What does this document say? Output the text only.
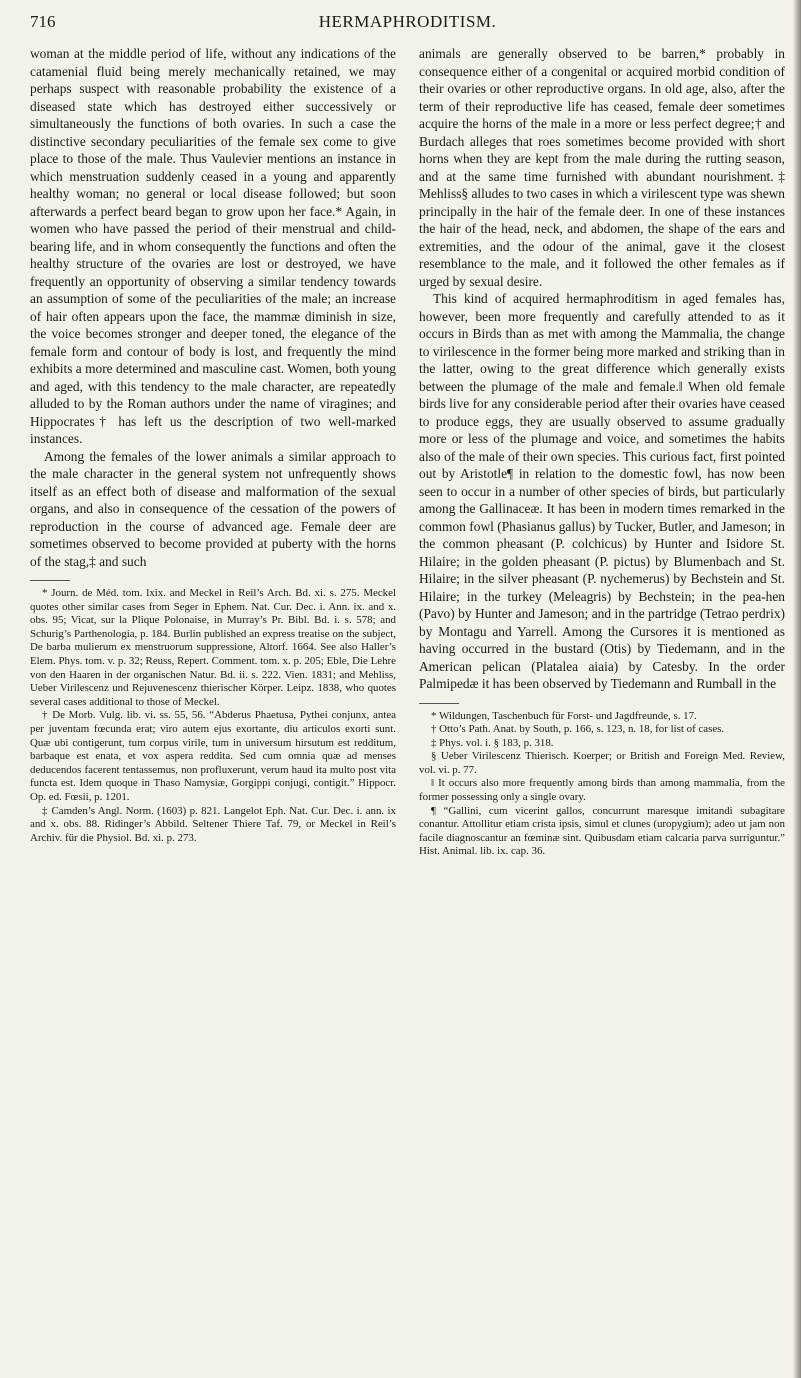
716	HERMAPHRODITISM.

woman at the middle period of life, without any indications of the catamenial fluid being merely mechanically retained, we may perhaps suspect with reasonable probability the existence of a diseased state which has destroyed either successively or simultaneously the functions of both ovaries. In such a case the distinctive secondary peculiarities of the female sex come to give place to those of the male. Thus Vaulevier mentions an instance in which menstruation suddenly ceased in a young and apparently healthy woman; no general or local disease followed; but soon afterwards a perfect beard began to grow upon her face.* Again, in women who have passed the period of their menstrual and child-bearing life, and in whom consequently the functions and often the healthy structure of the ovaries are lost or destroyed, we have frequently an opportunity of observing a similar tendency towards an assumption of some of the peculiarities of the male; an increase of hair often appears upon the face, the mammæ diminish in size, the voice becomes stronger and deeper toned, the elegance of the female form and contour of body is lost, and frequently the mind exhibits a more determined and masculine cast. Women, both young and aged, with this tendency to the male character, are repeatedly alluded to by the Roman authors under the name of viragines; and Hippocrates† has left us the description of two well-marked instances.

Among the females of the lower animals a similar approach to the male character in the general system not unfrequently shows itself as an effect both of disease and malformation of the sexual organs, and also in consequence of the cessation of the powers of reproduction in the course of advanced age. Female deer are sometimes observed to become provided at puberty with the horns of the stag,‡ and such

* Journ. de Méd. tom. lxix. and Meckel in Reil’s Arch. Bd. xi. s. 275. Meckel quotes other similar cases from Seger in Ephem. Nat. Cur. Dec. i. Ann. ix. and x. obs. 95; Vicat, sur la Plique Polonaise, in Murray’s Pr. Bibl. Bd. i. s. 578; and Schurig’s Parthenologia, p. 184. Burlin published an express treatise on the subject, De barba mulierum ex menstruorum suppressione, Altorf. 1664. See also Haller’s Elem. Phys. tom. v. p. 32; Reuss, Repert. Comment. tom. x. p. 205; Eble, Die Lehre von den Haaren in der organischen Natur. Bd. ii. s. 222. Vien. 1831; and Mehliss, Ueber Virilescenz und Rejuvenescenz thierischer Körper. Leipz. 1838, who quotes several cases additional to those of Meckel.

† De Morb. Vulg. lib. vi. ss. 55, 56. “Abderus Phaetusa, Pythei conjunx, antea per juventam fœcunda erat; viro autem ejus exortante, diu articulos exorti sunt. Quæ ubi contigerunt, tum corpus virile, tum in universum hirsutum est redditum, barbaque est enata, et vox aspera reddita. Sed cum omnia quæ ad menses deducendos facerent tentassemus, non profluxerunt, verum haud ita multo post vita functa est. Idem quoque in Thaso Namysiæ, Gorgippi conjugi, contigit.” Hippocr. Op. ed. Fœsii, p. 1201.

‡ Camden’s Angl. Norm. (1603) p. 821. Langelot Eph. Nat. Cur. Dec. i. ann. ix and x. obs. 88. Ridinger’s Abbild. Seltener Thiere Taf. 79, or Meckel in Reil’s Archiv. für die Physiol. Bd. xi. p. 273.

animals are generally observed to be barren,* probably in consequence either of a congenital or acquired morbid condition of their ovaries or other reproductive organs. In old age, also, after the term of their reproductive life has ceased, female deer sometimes acquire the horns of the male in a more or less perfect degree;† and Burdach alleges that roes sometimes become provided with short horns when they are kept from the male during the rutting season, and at the same time furnished with abundant nourishment.‡ Mehliss§ alludes to two cases in which a virilescent type was shewn principally in the hair of the female deer. In one of these instances the hair of the head, neck, and abdomen, the shape of the ears and extremities, and the odour of the animal, gave it the closest resemblance to the male, and it followed the other females as if urged by sexual desire.

This kind of acquired hermaphroditism in aged females has, however, been more frequently and carefully attended to as it occurs in Birds than as met with among the Mammalia, the change to virilescence in the former being more marked and striking than in the latter, owing to the great difference which generally exists between the plumage of the male and female.‖ When old female birds live for any considerable period after their ovaries have ceased to produce eggs, they are usually observed to assume gradually more or less of the plumage and voice, and sometimes the habits also of the male of their own species. This curious fact, first pointed out by Aristotle¶ in relation to the domestic fowl, has now been seen to occur in a number of other species of birds, but particularly among the Gallinaceæ. It has been in modern times remarked in the common fowl (Phasianus gallus) by Tucker, Butler, and Jameson; in the common pheasant (P. colchicus) by Hunter and Isidore St. Hilaire; in the golden pheasant (P. pictus) by Blumenbach and St. Hilaire; in the silver pheasant (P. nychemerus) by Bechstein and St. Hilaire; in the turkey (Meleagris) by Bechstein; in the pea-hen (Pavo) by Hunter and Jameson; and in the partridge (Tetrao perdrix) by Montagu and Yarrell. Among the Cursores it is mentioned as having occurred in the bustard (Otis) by Tiedemann, and in the American pelican (Platalea aiaia) by Catesby. In the order Palmipedæ it has been observed by Tiedemann and Rumball in the

* Wildungen, Taschenbuch für Forst- und Jagdfreunde, s. 17.

† Otto’s Path. Anat. by South, p. 166, s. 123, n. 18, for list of cases.

‡ Phys. vol. i. § 183, p. 318.

§ Ueber Virilescenz Thierisch. Koerper; or British and Foreign Med. Review, vol. vi. p. 77.

‖ It occurs also more frequently among birds than among mammalia, from the former possessing only a single ovary.

¶ “Gallini, cum vicerint gallos, concurrunt maresque imitandi subagitare conantur. Attollitur etiam crista ipsis, simul et clunes (uropygium); adeo ut jam non facile diagnoscantur an fœminæ sint. Quibusdam etiam calcaria parva surriguntur.” Hist. Animal. lib. ix. cap. 36.
